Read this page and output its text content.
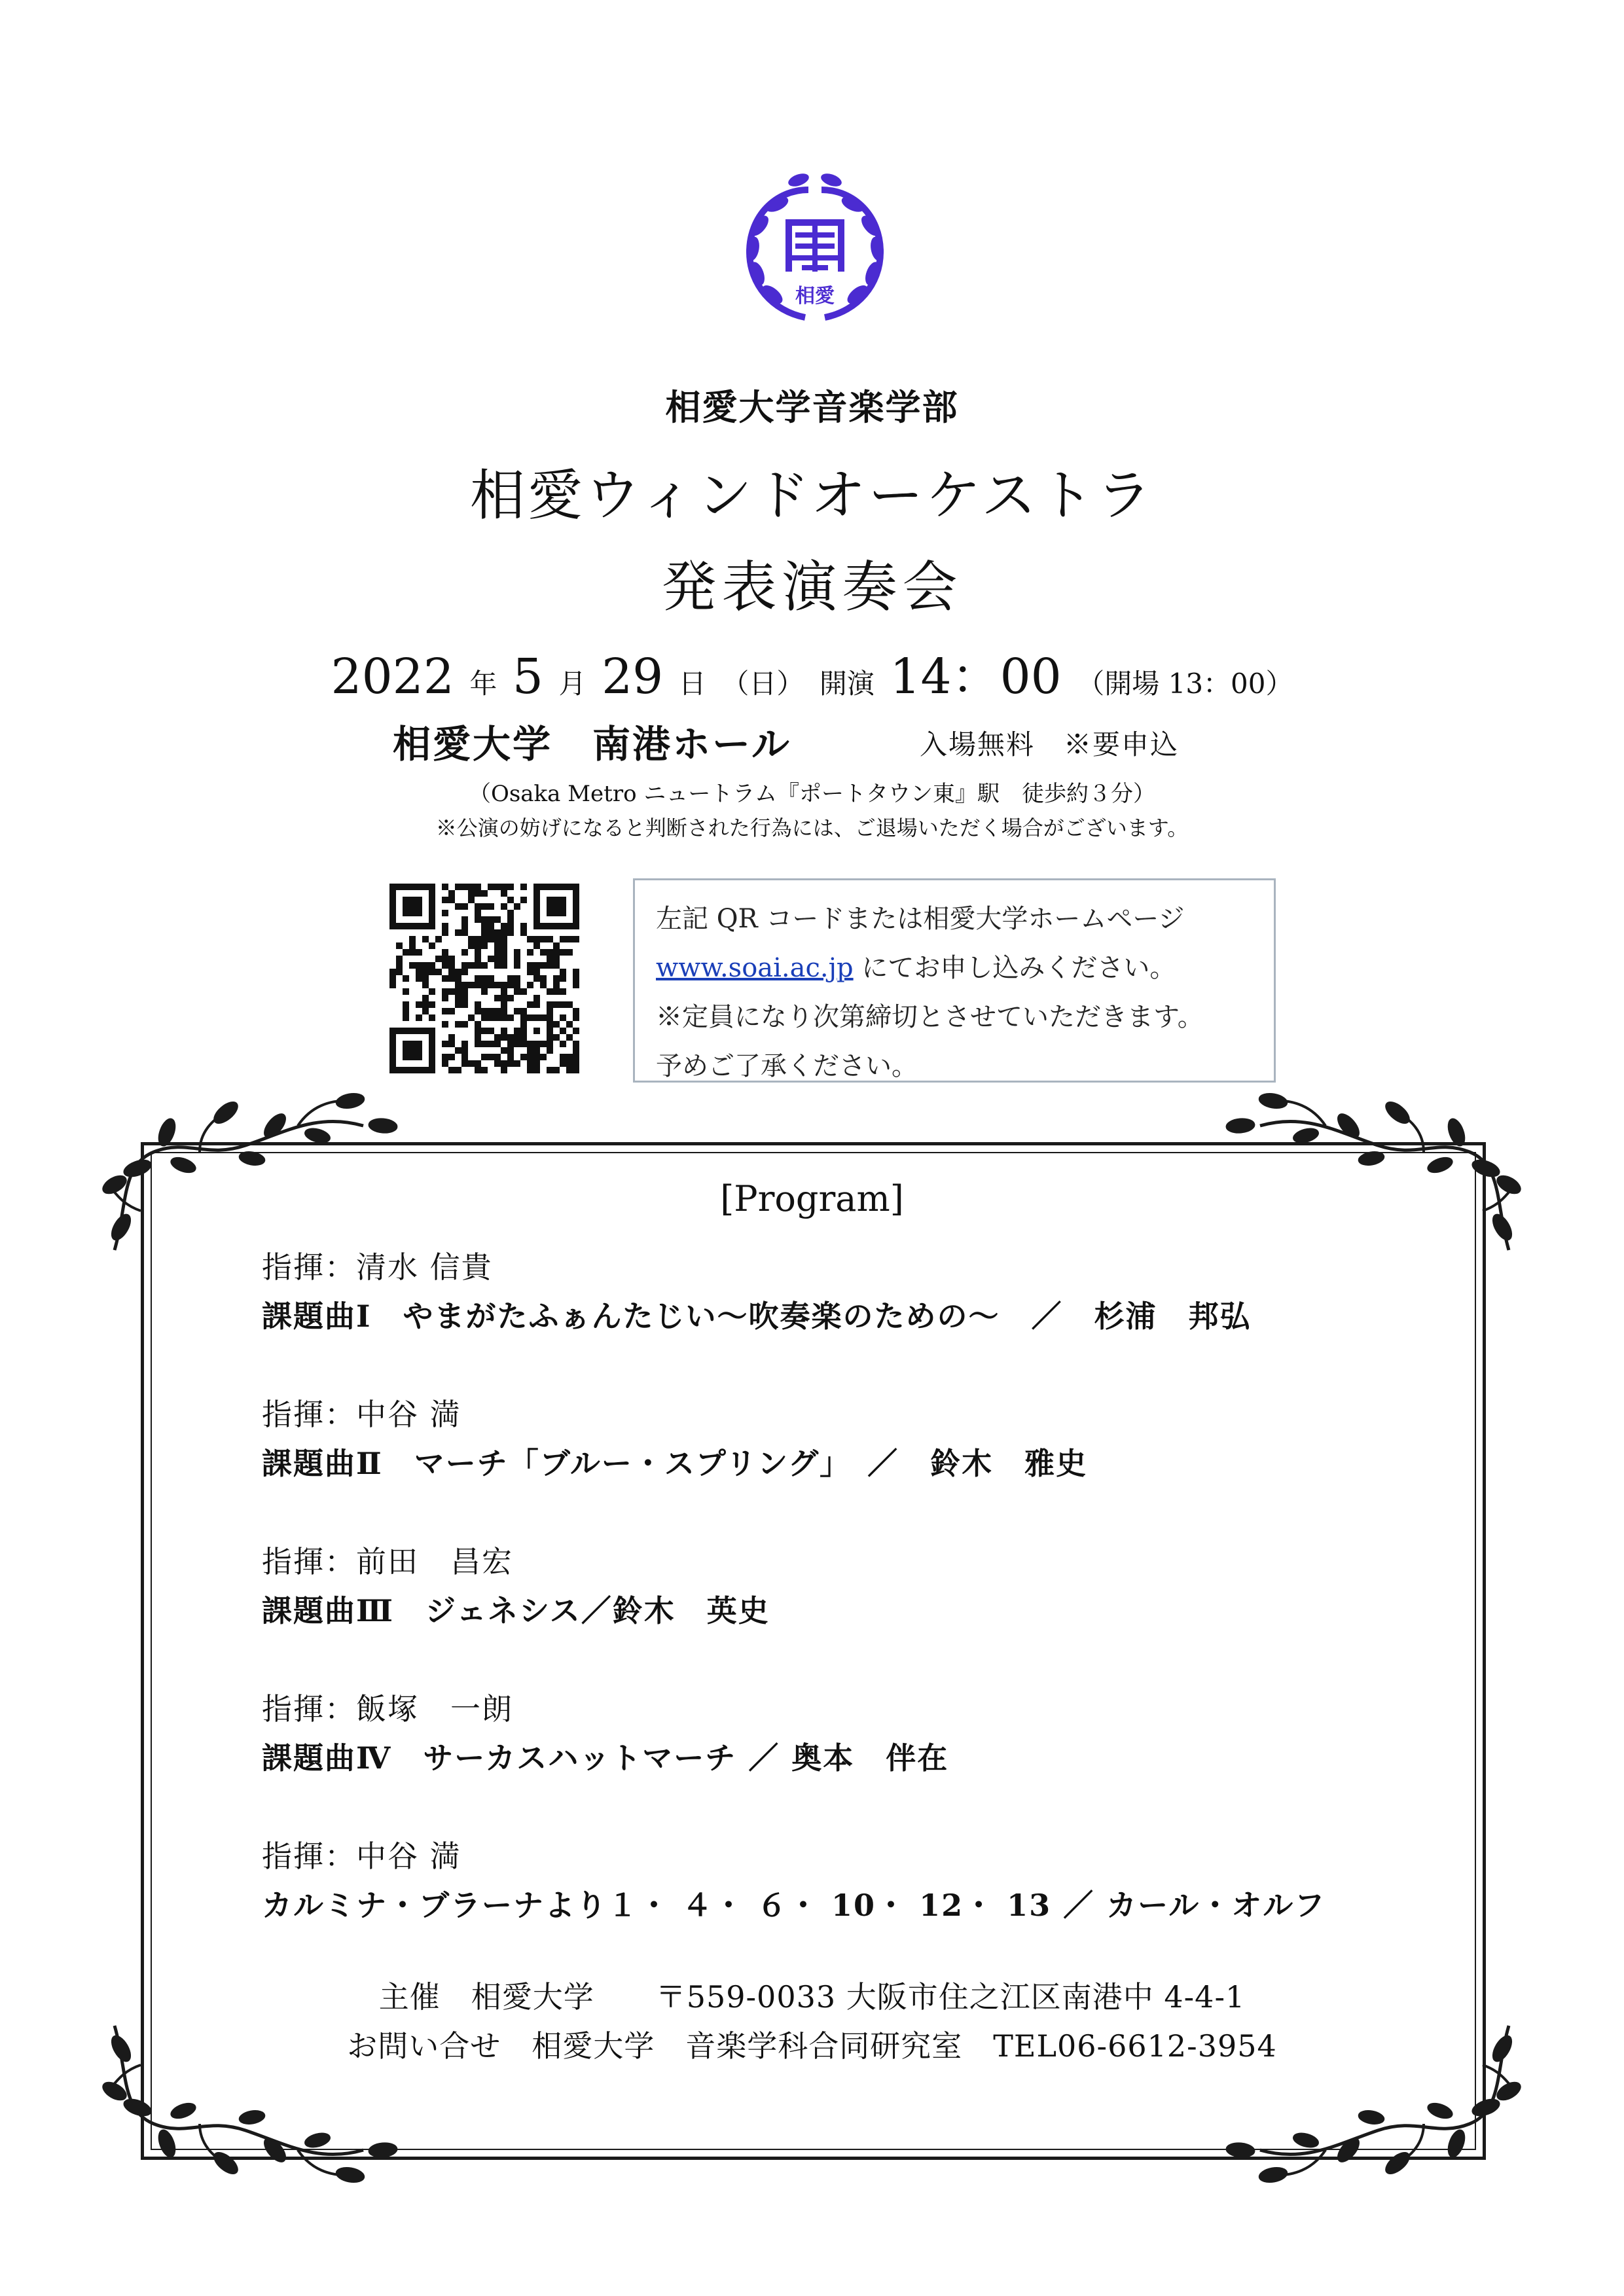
相愛
相愛大学音楽学部
相愛ウィンドオーケストラ
発表演奏会
2022 年 5 月 29 日 （日） 開演 14：00 （開場 13：00）
相愛大学　南港ホール	入場無料　※要申込
（Osaka Metro ニュートラム『ポートタウン東』駅　徒歩約３分）
※公演の妨げになると判断された行為には、ご退場いただく場合がございます。
左記 QR コードまたは相愛大学ホームページ
www.soai.ac.jp にてお申し込みください。
※定員になり次第締切とさせていただきます。
予めご了承ください。
[Program]
指揮：清水 信貴
課題曲Ⅰ　やまがたふぁんたじい～吹奏楽のための～　／　杉浦　邦弘
指揮：中谷 満
課題曲Ⅱ　マーチ「ブルー・スプリング」　／　鈴木　雅史
指揮：前田　昌宏
課題曲Ⅲ　ジェネシス／鈴木　英史
指揮：飯塚　一朗
課題曲Ⅳ　サーカスハットマーチ ／ 奥本　伴在
指揮：中谷 満
カルミナ・ブラーナより１・ ４・ ６・ 10・ 12・ 13 ／ カール・オルフ
主催　相愛大学　　〒559-0033 大阪市住之江区南港中 4-4-1
お問い合せ　相愛大学　音楽学科合同研究室　TEL06-6612-3954
